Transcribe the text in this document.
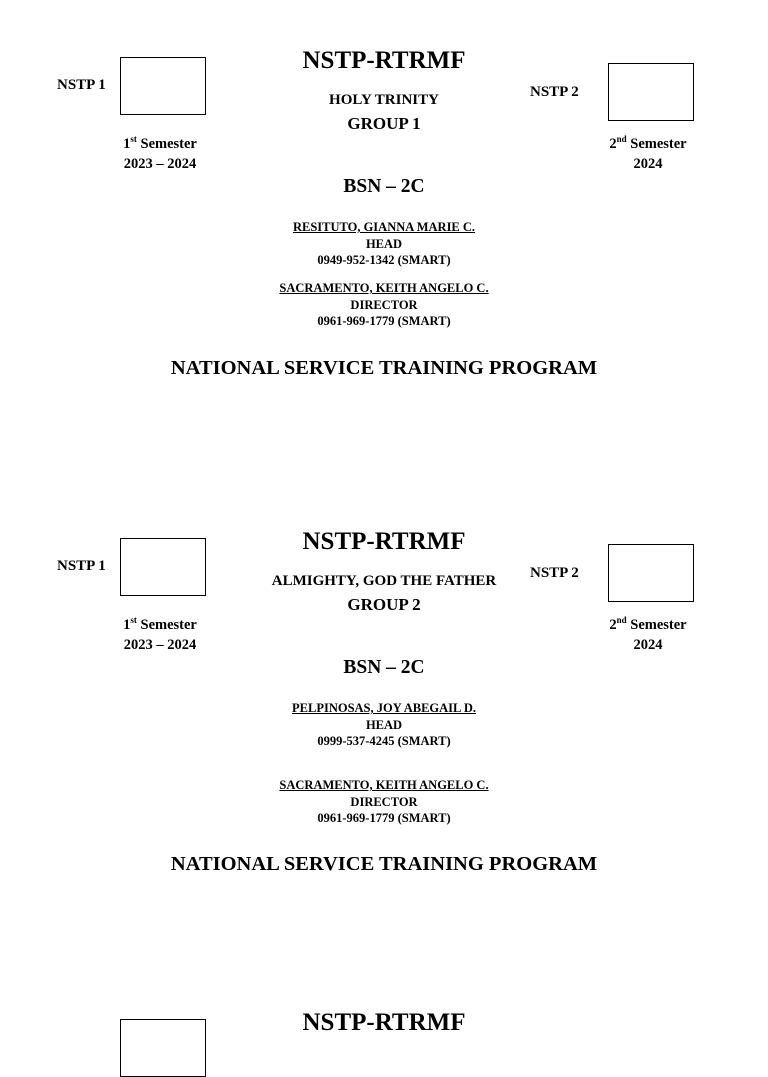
NSTP 1
1st Semester
2023 – 2024
NSTP-RTRMF
HOLY TRINITY
GROUP 1
NSTP 2
2nd Semester
2024
BSN – 2C
RESITUTO, GIANNA MARIE C.
HEAD
0949-952-1342 (SMART)
SACRAMENTO, KEITH ANGELO C.
DIRECTOR
0961-969-1779 (SMART)
NATIONAL SERVICE TRAINING PROGRAM
NSTP 1
1st Semester
2023 – 2024
NSTP-RTRMF
ALMIGHTY, GOD THE FATHER
GROUP 2
NSTP 2
2nd Semester
2024
BSN – 2C
PELPINOSAS, JOY ABEGAIL D.
HEAD
0999-537-4245 (SMART)
SACRAMENTO, KEITH ANGELO C.
DIRECTOR
0961-969-1779 (SMART)
NATIONAL SERVICE TRAINING PROGRAM
NSTP-RTRMF
